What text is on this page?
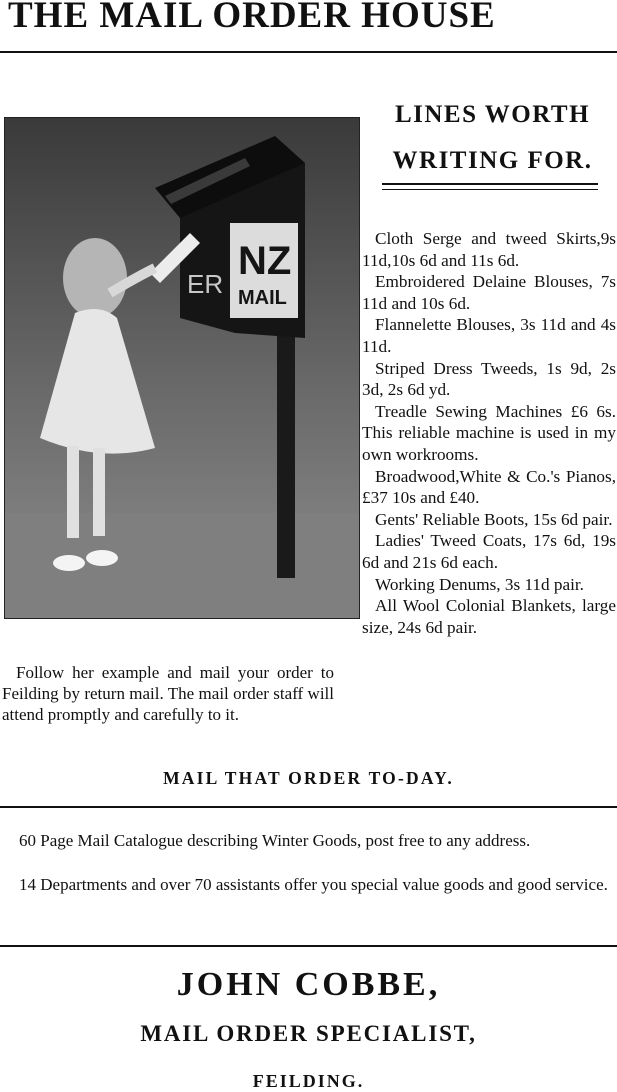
THE MAIL ORDER HOUSE
LINES WORTH
WRITING FOR.
NZ
MAIL
ER
Cloth Serge and tweed Skirts,9s 11d,10s 6d and 11s 6d.
Embroidered Delaine Blouses, 7s 11d and 10s 6d.
Flannelette Blouses, 3s 11d and 4s 11d.
Striped Dress Tweeds, 1s 9d, 2s 3d, 2s 6d yd.
Treadle Sewing Machines £6 6s. This reliable machine is used in my own workrooms.
Broadwood,White & Co.'s Pianos, £37 10s and £40.
Gents' Reliable Boots, 15s 6d pair.
Ladies' Tweed Coats, 17s 6d, 19s 6d and 21s 6d each.
Working Denums, 3s 11d pair.
All Wool Colonial Blankets, large size, 24s 6d pair.
Follow her example and mail your order to Feilding by return mail. The mail order staff will attend promptly and carefully to it.
MAIL THAT ORDER TO-DAY.
60 Page Mail Catalogue describing Winter Goods, post free to any address.
14 Departments and over 70 assistants offer you special value goods and good service.
JOHN COBBE,
MAIL ORDER SPECIALIST,
FEILDING.
